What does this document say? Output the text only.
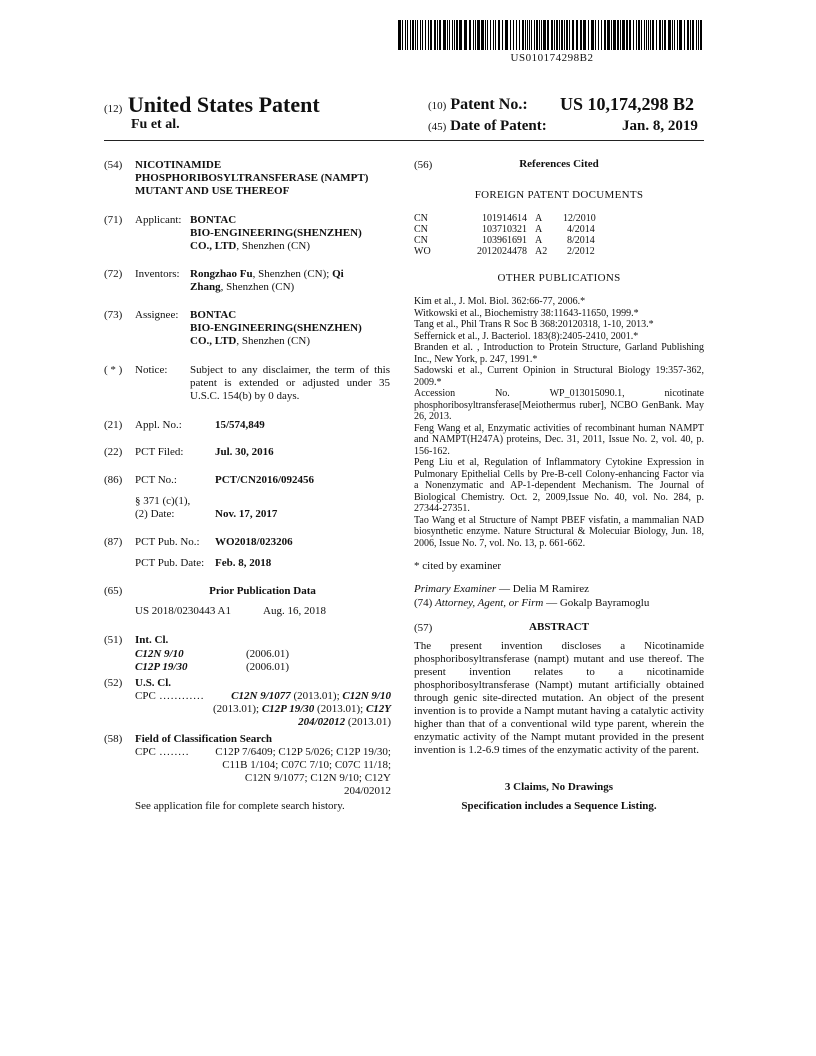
US010174298B2
(12) United States Patent
Fu et al.
(10) Patent No.: US 10,174,298 B2
(45) Date of Patent:	Jan. 8, 2019
(54) NICOTINAMIDE
PHOSPHORIBOSYLTRANSFERASE (NAMPT)
MUTANT AND USE THEREOF
(71) Applicant: BONTAC
BIO-ENGINEERING(SHENZHEN)
CO., LTD, Shenzhen (CN)
(72) Inventors: Rongzhao Fu, Shenzhen (CN); Qi
Zhang, Shenzhen (CN)
(73) Assignee: BONTAC
BIO-ENGINEERING(SHENZHEN)
CO., LTD, Shenzhen (CN)
( * ) Notice: Subject to any disclaimer, the term of this
patent is extended or adjusted under 35
U.S.C. 154(b) by 0 days.
(21) Appl. No.:	15/574,849
(22) PCT Filed:	Jul. 30, 2016
(86) PCT No.:	PCT/CN2016/092456
§ 371 (c)(1),
(2) Date:	Nov. 17, 2017
(87) PCT Pub. No.: WO2018/023206
PCT Pub. Date: Feb. 8, 2018
(65)	Prior Publication Data
US 2018/0230443 A1	Aug. 16, 2018
(51) Int. Cl.
C12N 9/10	(2006.01)
C12P 19/30	(2006.01)
(52) U.S. Cl.
CPC ............ C12N 9/1077 (2013.01); C12N 9/10
(2013.01); C12P 19/30 (2013.01); C12Y
204/02012 (2013.01)
(58) Field of Classification Search
CPC ........ C12P 7/6409; C12P 5/026; C12P 19/30;
C11B 1/104; C07C 7/10; C07C 11/18;
C12N 9/1077; C12N 9/10; C12Y
204/02012
See application file for complete search history.
(56)	References Cited
FOREIGN PATENT DOCUMENTS
CN	101914614 A 12/2010
CN	103710321 A 4/2014
CN	103961691 A 8/2014
WO	2012024478 A2 2/2012
OTHER PUBLICATIONS
Kim et al., J. Mol. Biol. 362:66-77, 2006.*
Witkowski et al., Biochemistry 38:11643-11650, 1999.*
Tang et al., Phil Trans R Soc B 368:20120318, 1-10, 2013.*
Seffernick et al., J. Bacteriol. 183(8):2405-2410, 2001.*
Branden et al. , Introduction to Protein Structure, Garland Publishing Inc., New York, p. 247, 1991.*
Sadowski et al., Current Opinion in Structural Biology 19:357-362, 2009.*
Accession No. WP_013015090.1, nicotinate phosphoribosyltransferase[Meiothermus ruber], NCBO GenBank. May 26, 2013.
Feng Wang et al, Enzymatic activities of recombinant human NAMPT and NAMPT(H247A) proteins, Dec. 31, 2011, Issue No. 2, vol. 40, p. 156-162.
Peng Liu et al, Regulation of Inflammatory Cytokine Expression in Pulmonary Epithelial Cells by Pre-B-cell Colony-enhancing Factor via a Nonenzymatic and AP-1-dependent Mechanism. The Journal of Biological Chemistry. Oct. 2, 2009,Issue No. 40, vol. No. 284, p. 27344-27351.
Tao Wang et al Structure of Nampt PBEF visfatin, a mammalian NAD biosynthetic enzyme. Nature Structural & Molecuiar Biology, Jun. 18, 2006, Issue No. 7, vol. No. 13, p. 661-662.
* cited by examiner
Primary Examiner — Delia M Ramirez
(74) Attorney, Agent, or Firm — Gokalp Bayramoglu
(57)	ABSTRACT
The present invention discloses a Nicotinamide phosphoribosyltransferase (nampt) mutant and use thereof. The present invention relates to a nicotinamide phosphoribosyltransferase (Nampt) mutant artificially obtained through genic site-directed mutation. An object of the present invention is to provide a Nampt mutant having a catalytic activity higher than that of a conventional wild type parent, wherein the enzymatic activity of the Nampt mutant provided in the present invention is 1.2-6.9 times of the enzymatic activity of the parent.
3 Claims, No Drawings
Specification includes a Sequence Listing.
